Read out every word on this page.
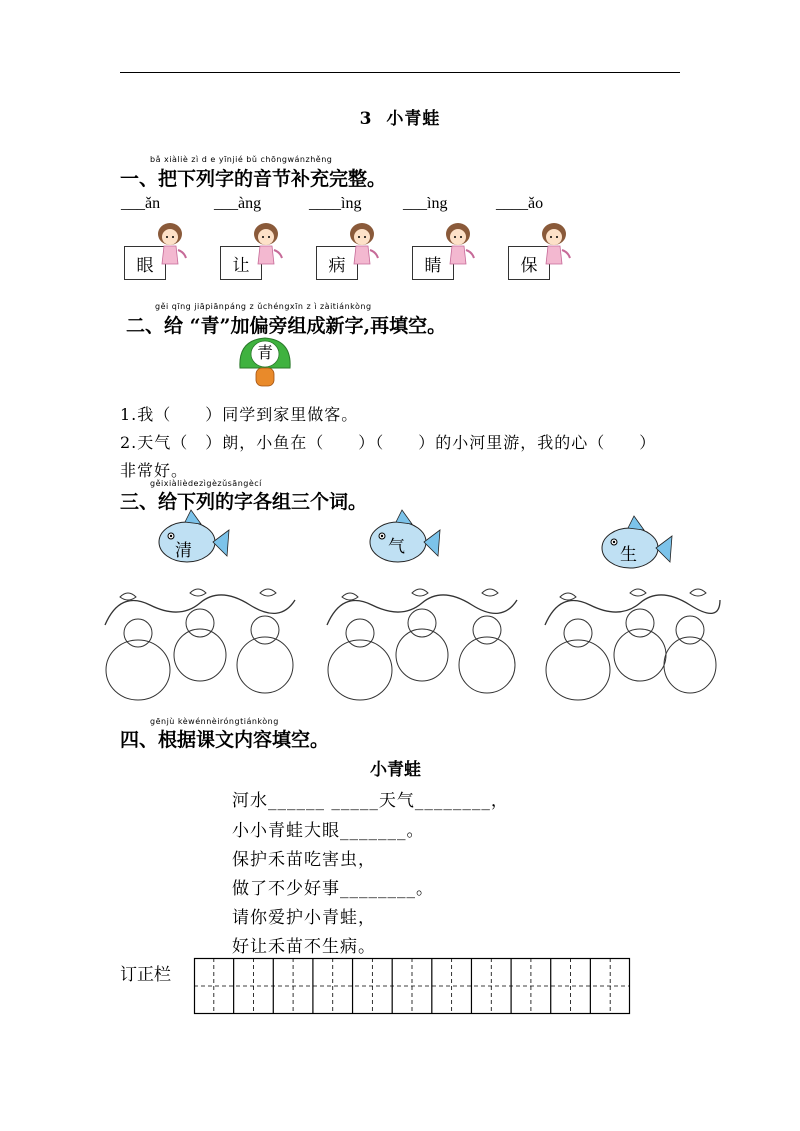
3 小青蛙
bǎ xiàliè zì d e yīnjié bǔ chōngwánzhěng
一、把下列字的音节补充完整。
___ǎn	___àng	____ìng	___ìng	____ǎo
眼	让	病	睛	保
gěi qīng jiāpiānpáng z ǔchéngxīn z ì zàitiánkòng
二、给 “青”加偏旁组成新字,再填空。
青
1.我（　　）同学到家里做客。
2.天气（　）朗，小鱼在（　　）（　　）的小河里游，我的心（　　）
非常好。
gěixiàlièdezìgèzǔsāngècí
三、给下列的字各组三个词。
清	气	生
gēnjù kèwénnèiróngtiánkòng
四、根据课文内容填空。
小青蛙
河水______ _____天气________，
小小青蛙大眼_______。
保护禾苗吃害虫，
做了不少好事________。
请你爱护小青蛙，
好让禾苗不生病。
订正栏
